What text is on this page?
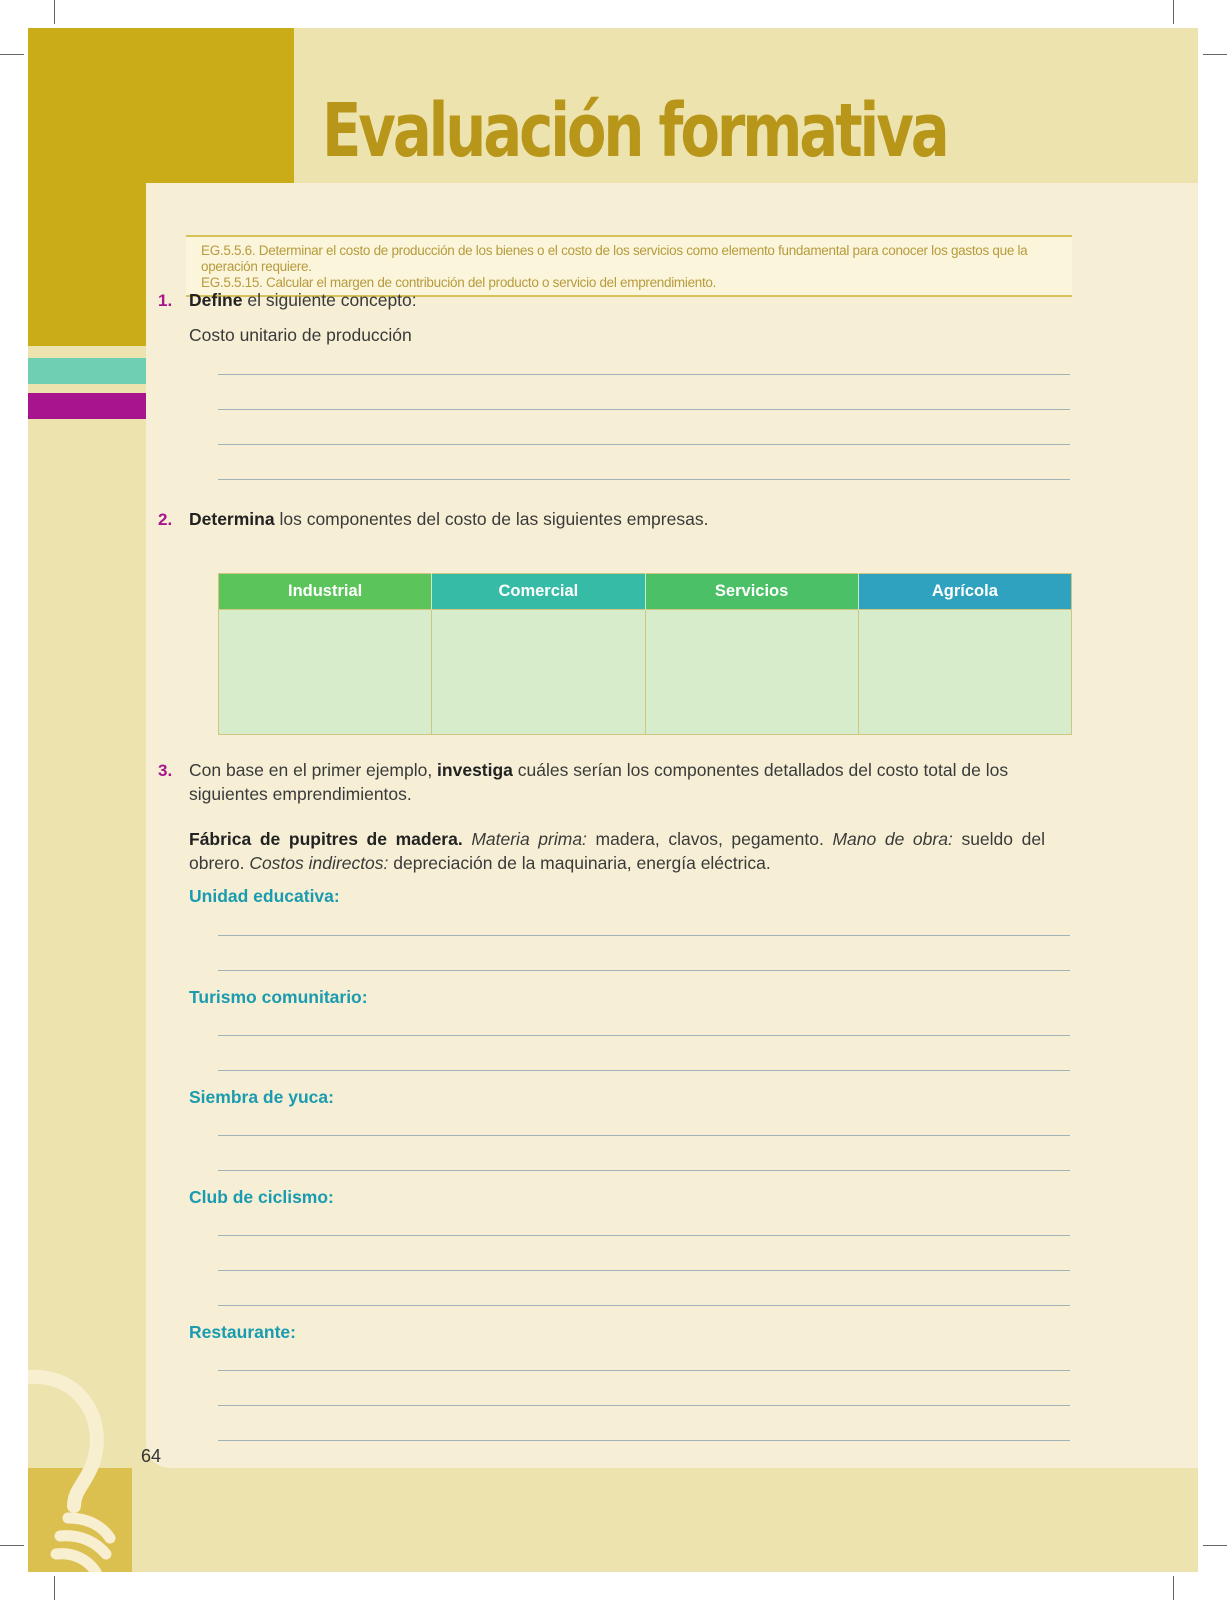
Evaluación formativa
EG.5.5.6. Determinar el costo de producción de los bienes o el costo de los servicios como elemento fundamental para conocer los gastos que la operación requiere.
EG.5.5.15. Calcular el margen de contribución del producto o servicio del emprendimiento.
1. Define el siguiente concepto:
Costo unitario de producción
2. Determina los componentes del costo de las siguientes empresas.
Industrial	Comercial	Servicios	Agrícola

3. Con base en el primer ejemplo, investiga cuáles serían los componentes detallados del costo total de los siguientes emprendimientos.
Fábrica de pupitres de madera. Materia prima: madera, clavos, pegamento. Mano de obra: sueldo del obrero. Costos indirectos: depreciación de la maquinaria, energía eléctrica.
Unidad educativa:
Turismo comunitario:
Siembra de yuca:
Club de ciclismo:
Restaurante:
64
